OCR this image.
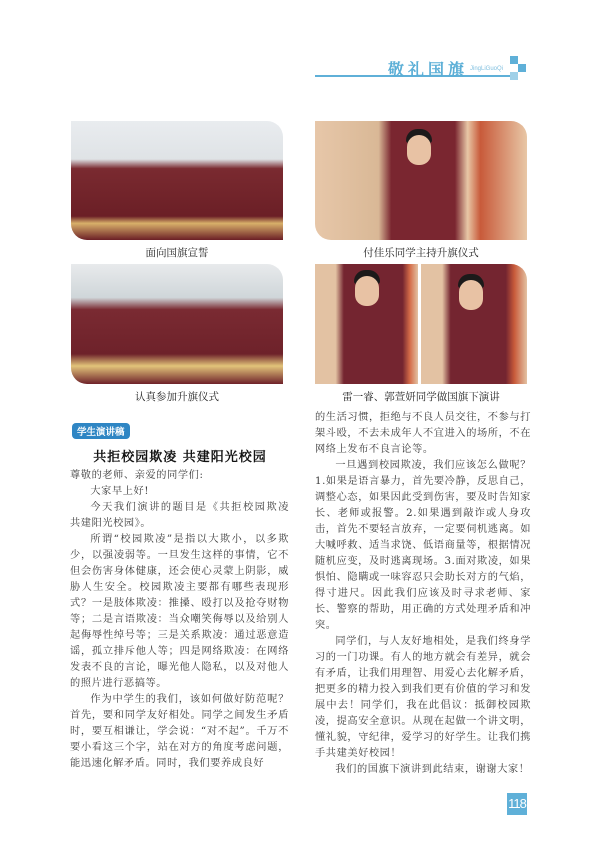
敬礼国旗 JingLiGuoQi
面向国旗宣誓	付佳乐同学主持升旗仪式
认真参加升旗仪式	雷一睿、郭萱妍同学做国旗下演讲
学生演讲稿
共拒校园欺凌 共建阳光校园

尊敬的老师、亲爱的同学们:

大家早上好!

今天我们演讲的题目是《共拒校园欺凌　共建阳光校园》。

所谓“校园欺凌”是指以大欺小，以多欺少，以强凌弱等。一旦发生这样的事情，它不但会伤害身体健康，还会使心灵蒙上阴影，威胁人生安全。校园欺凌主要都有哪些表现形式？一是肢体欺凌：推搡、殴打以及抢夺财物等；二是言语欺凌：当众嘲笑侮辱以及给别人起侮辱性绰号等；三是关系欺凌：通过恶意造谣，孤立排斥他人等；四是网络欺凌：在网络发表不良的言论，曝光他人隐私，以及对他人的照片进行恶搞等。

作为中学生的我们，该如何做好防范呢？首先，要和同学友好相处。同学之间发生矛盾时，要互相谦让，学会说：“对不起”。千万不要小看这三个字，站在对方的角度考虑问题，能迅速化解矛盾。同时，我们要养成良好

的生活习惯，拒绝与不良人员交往，不参与打架斗殴，不去未成年人不宜进入的场所，不在网络上发布不良言论等。

一旦遇到校园欺凌，我们应该怎么做呢？1.如果是语言暴力，首先要冷静，反思自己，调整心态，如果因此受到伤害，要及时告知家长、老师或报警。2.如果遇到敲诈或人身攻击，首先不要轻言放弃，一定要伺机逃离。如大喊呼救、适当求饶、低语商量等，根据情况随机应变，及时逃离现场。3.面对欺凌，如果惧怕、隐瞒或一味容忍只会助长对方的气焰，得寸进尺。因此我们应该及时寻求老师、家长、警察的帮助，用正确的方式处理矛盾和冲突。

同学们，与人友好地相处，是我们终身学习的一门功课。有人的地方就会有差异，就会有矛盾，让我们用理智、用爱心去化解矛盾，把更多的精力投入到我们更有价值的学习和发展中去！同学们，我在此倡议：抵御校园欺凌，提高安全意识。从现在起做一个讲文明，懂礼貌，守纪律，爱学习的好学生。让我们携手共建美好校园！

我们的国旗下演讲到此结束，谢谢大家！

118
